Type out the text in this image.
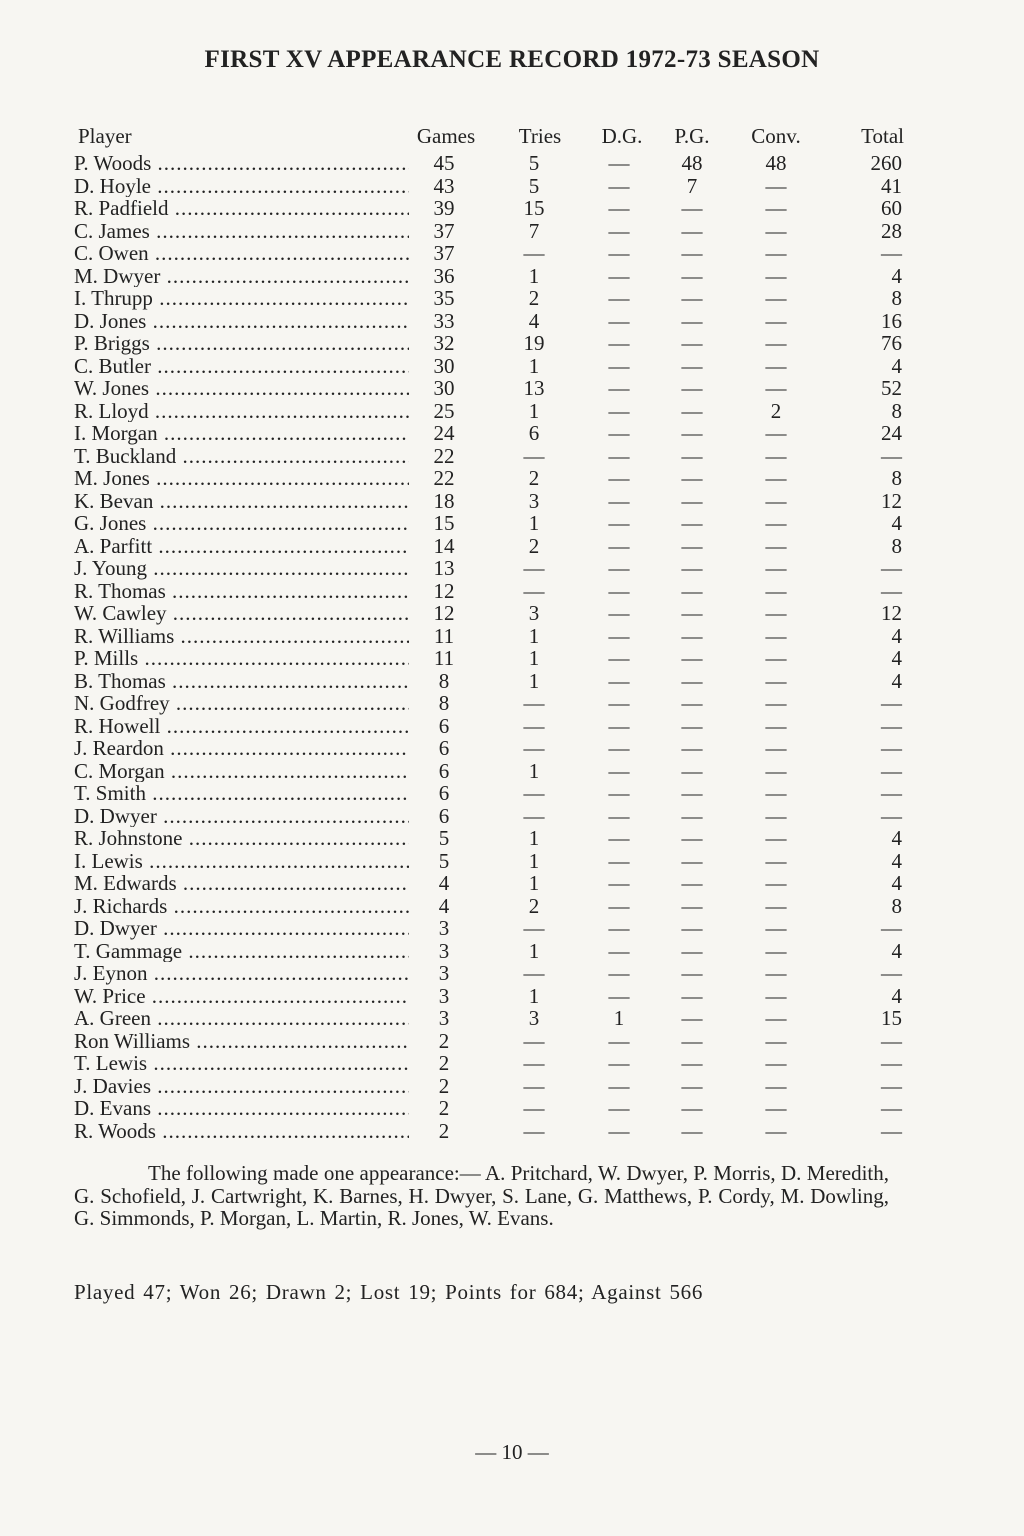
FIRST XV APPEARANCE RECORD 1972-73 SEASON
Player	Games	Tries	D.G.	P.G.	Conv.	Total
P. Woods .....	45	5	—	48	48	260
D. Hoyle .....	43	5	—	7	—	41
R. Padfield .....	39	15	—	—	—	60
C. James .....	37	7	—	—	—	28
C. Owen .....	37	—	—	—	—	—
M. Dwyer .....	36	1	—	—	—	4
I. Thrupp .....	35	2	—	—	—	8
D. Jones .....	33	4	—	—	—	16
P. Briggs .....	32	19	—	—	—	76
C. Butler .....	30	1	—	—	—	4
W. Jones .....	30	13	—	—	—	52
R. Lloyd .....	25	1	—	—	2	8
I. Morgan .....	24	6	—	—	—	24
T. Buckland .....	22	—	—	—	—	—
M. Jones .....	22	2	—	—	—	8
K. Bevan .....	18	3	—	—	—	12
G. Jones .....	15	1	—	—	—	4
A. Parfitt .....	14	2	—	—	—	8
J. Young .....	13	—	—	—	—	—
R. Thomas .....	12	—	—	—	—	—
W. Cawley .....	12	3	—	—	—	12
R. Williams .....	11	1	—	—	—	4
P. Mills .....	11	1	—	—	—	4
B. Thomas .....	8	1	—	—	—	4
N. Godfrey .....	8	—	—	—	—	—
R. Howell .....	6	—	—	—	—	—
J. Reardon .....	6	—	—	—	—	—
C. Morgan .....	6	1	—	—	—	—
T. Smith .....	6	—	—	—	—	—
D. Dwyer .....	6	—	—	—	—	—
R. Johnstone .....	5	1	—	—	—	4
I. Lewis .....	5	1	—	—	—	4
M. Edwards .....	4	1	—	—	—	4
J. Richards .....	4	2	—	—	—	8
D. Dwyer .....	3	—	—	—	—	—
T. Gammage .....	3	1	—	—	—	4
J. Eynon .....	3	—	—	—	—	—
W. Price .....	3	1	—	—	—	4
A. Green .....	3	3	1	—	—	15
Ron Williams .....	2	—	—	—	—	—
T. Lewis .....	2	—	—	—	—	—
J. Davies .....	2	—	—	—	—	—
D. Evans .....	2	—	—	—	—	—
R. Woods .....	2	—	—	—	—	—

The following made one appearance:— A. Pritchard, W. Dwyer, P. Morris, D. Meredith, G. Schofield, J. Cartwright, K. Barnes, H. Dwyer, S. Lane, G. Matthews, P. Cordy, M. Dowling, G. Simmonds, P. Morgan, L. Martin, R. Jones, W. Evans.

Played 47; Won 26; Drawn 2; Lost 19; Points for 684; Against 566

— 10 —
